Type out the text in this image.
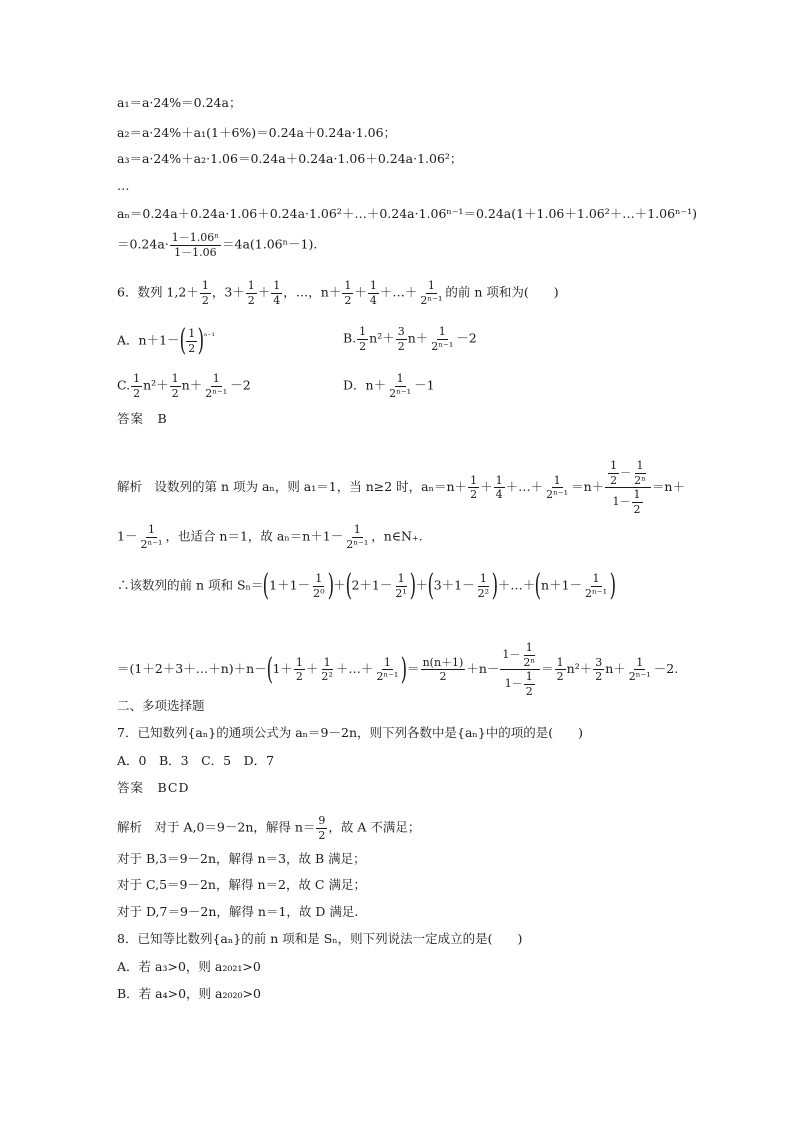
a₁＝a·24%＝0.24a；
a₂＝a·24%＋a₁(1＋6%)＝0.24a＋0.24a·1.06；
a₃＝a·24%＋a₂·1.06＝0.24a＋0.24a·1.06＋0.24a·1.06²；
…
aₙ＝0.24a＋0.24a·1.06＋0.24a·1.06²＋…＋0.24a·1.06ⁿ⁻¹＝0.24a(1＋1.06＋1.06²＋…＋1.06ⁿ⁻¹)
$=0.24a\cdot \frac{\text{1－1.06ⁿ}}{1-1.06} =4a(1.06^n-1)$.
6．数列 $1,2+ \frac{1}{2}$ ，$3+ \frac{1}{2} + \frac{1}{4}$ ，…，$n+ \frac{1}{2} + \frac{1}{4}$ ＋…＋ $\frac{1}{\text{2ⁿ⁻¹}}$ 的前 n 项和为(　　)
A．$n+1-( \frac{1}{2} )^{^{n-1}}$	B. $\frac{1}{2} n^2+ \frac{3}{2} n+ \frac{1}{\text{2ⁿ⁻¹}} -2$
C. $\frac{1}{2} n^2+ \frac{1}{2} n+ \frac{1}{\text{2ⁿ⁻¹}} -2$	D．$n+ \frac{1}{\text{2ⁿ⁻¹}} -1$
答案　B
解析　设数列的第 n 项为 aₙ，则 a₁＝1，当 n≥2 时，$a_n=n+ \frac{1}{2} + \frac{1}{4}$ ＋…＋ $\frac{1}{\text{2ⁿ⁻¹}} =n+ \frac{\frac{1}{2} - \frac{1}{\text{2ⁿ}}}{1- \frac{1}{2}} =n+$
$1- \frac{1}{\text{2ⁿ⁻¹}}$ ，也适合 n＝1，故 $a_n=n+1- \frac{1}{\text{2ⁿ⁻¹}}$ ，n∈N₊.
∴该数列的前 n 项和 $S_n=(1+1- \frac{1}{\text{2⁰}} )+(2+1- \frac{1}{\text{2¹}} )+(3+1- \frac{1}{\text{2²}}$ )＋…＋(n＋1－ $\frac{1}{\text{2ⁿ⁻¹}}$ )
＝(1＋2＋3＋…＋n)＋n－(1＋ $\frac{1}{2} + \frac{1}{\text{2²}}$ ＋…＋ $\frac{1}{\text{2ⁿ⁻¹}}$ )＝ $\frac{n(n+1)}{2} +n- \frac{1- \frac{1}{\text{2ⁿ}}}{1- \frac{1}{2}} = \frac{1}{2} n^2+ \frac{3}{2} n+ \frac{1}{\text{2ⁿ⁻¹}} -2$.
二、多项选择题
7．已知数列{aₙ}的通项公式为 aₙ＝9－2n，则下列各数中是{aₙ}中的项的是(　　)
A．0　B．3　C．5　D．7
答案　BCD
解析　对于 A,0＝9－2n，解得 $n= \frac{9}{2}$ ，故 A 不满足；
对于 B,3＝9－2n，解得 n＝3，故 B 满足；
对于 C,5＝9－2n，解得 n＝2，故 C 满足；
对于 D,7＝9－2n，解得 n＝1，故 D 满足.
8．已知等比数列{aₙ}的前 n 项和是 Sₙ，则下列说法一定成立的是(　　)
A．若 a₃>0，则 a₂₀₂₁>0
B．若 a₄>0，则 a₂₀₂₀>0
